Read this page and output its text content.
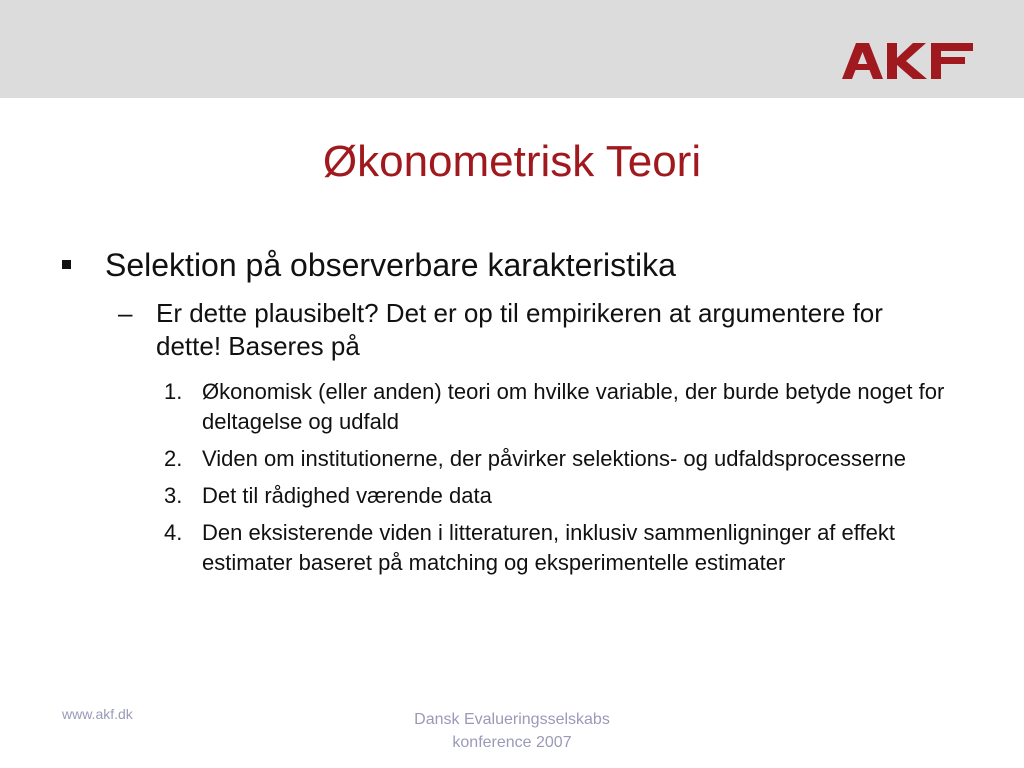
Økonometrisk Teori
Selektion på observerbare karakteristika
– Er dette plausibelt? Det er op til empirikeren at argumentere for dette! Baseres på
1. Økonomisk (eller anden) teori om hvilke variable, der burde betyde noget for deltagelse og udfald
2. Viden om institutionerne, der påvirker selektions- og udfaldsprocesserne
3. Det til rådighed værende data
4. Den eksisterende viden i litteraturen, inklusiv sammenligninger af effekt estimater baseret på matching og eksperimentelle estimater
www.akf.dk	Dansk Evalueringsselskabs
konference 2007
